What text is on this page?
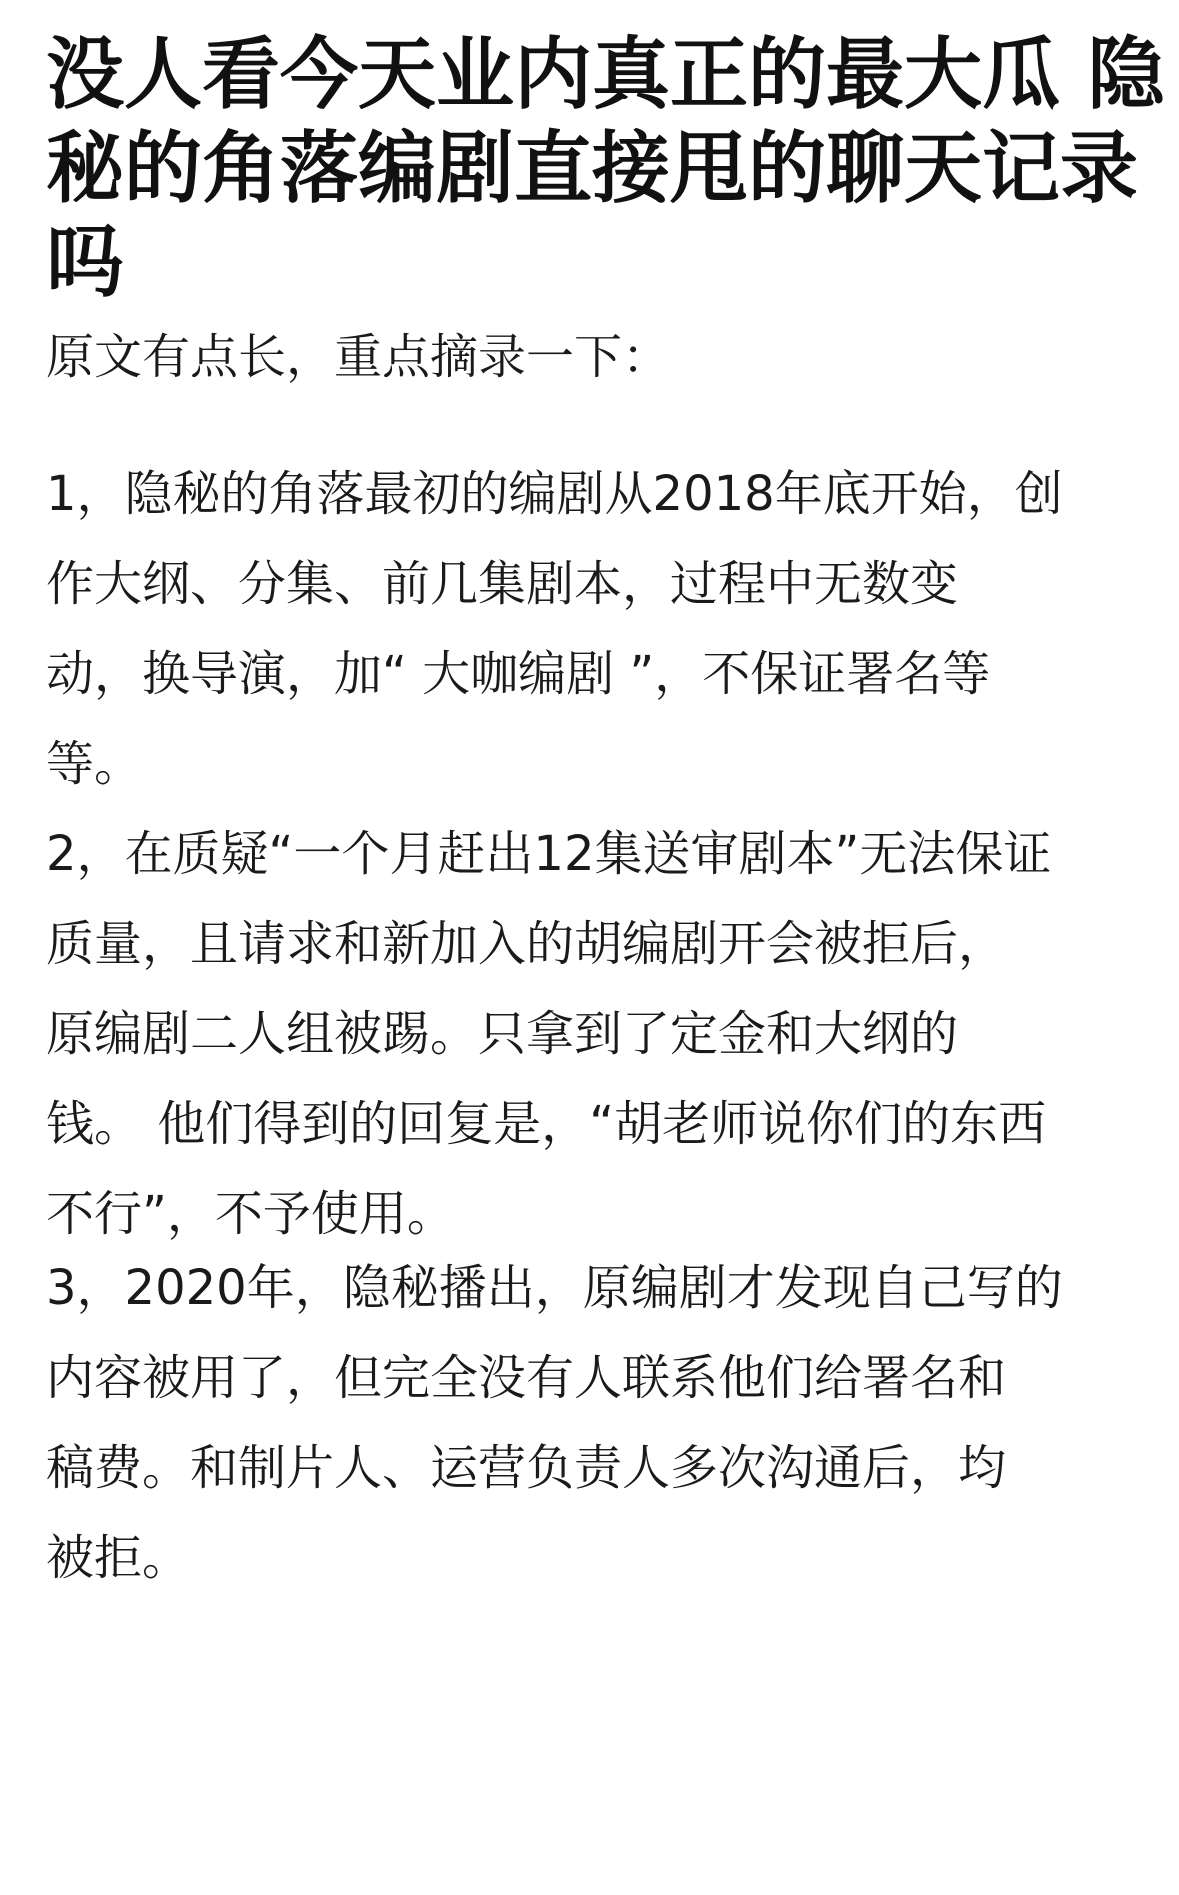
没人看今天业内真正的最大瓜 隐
秘的角落编剧直接甩的聊天记录
吗

原文有点长，重点摘录一下：

1，隐秘的角落最初的编剧从2018年底开始，创
作大纲、分集、前几集剧本，过程中无数变
动，换导演，加“ 大咖编剧 ”，不保证署名等
等。

2，在质疑“一个月赶出12集送审剧本”无法保证
质量，且请求和新加入的胡编剧开会被拒后，
原编剧二人组被踢。只拿到了定金和大纲的
钱。 他们得到的回复是，“胡老师说你们的东西
不行”，不予使用。

3，2020年，隐秘播出，原编剧才发现自己写的
内容被用了，但完全没有人联系他们给署名和
稿费。和制片人、运营负责人多次沟通后，均
被拒。
